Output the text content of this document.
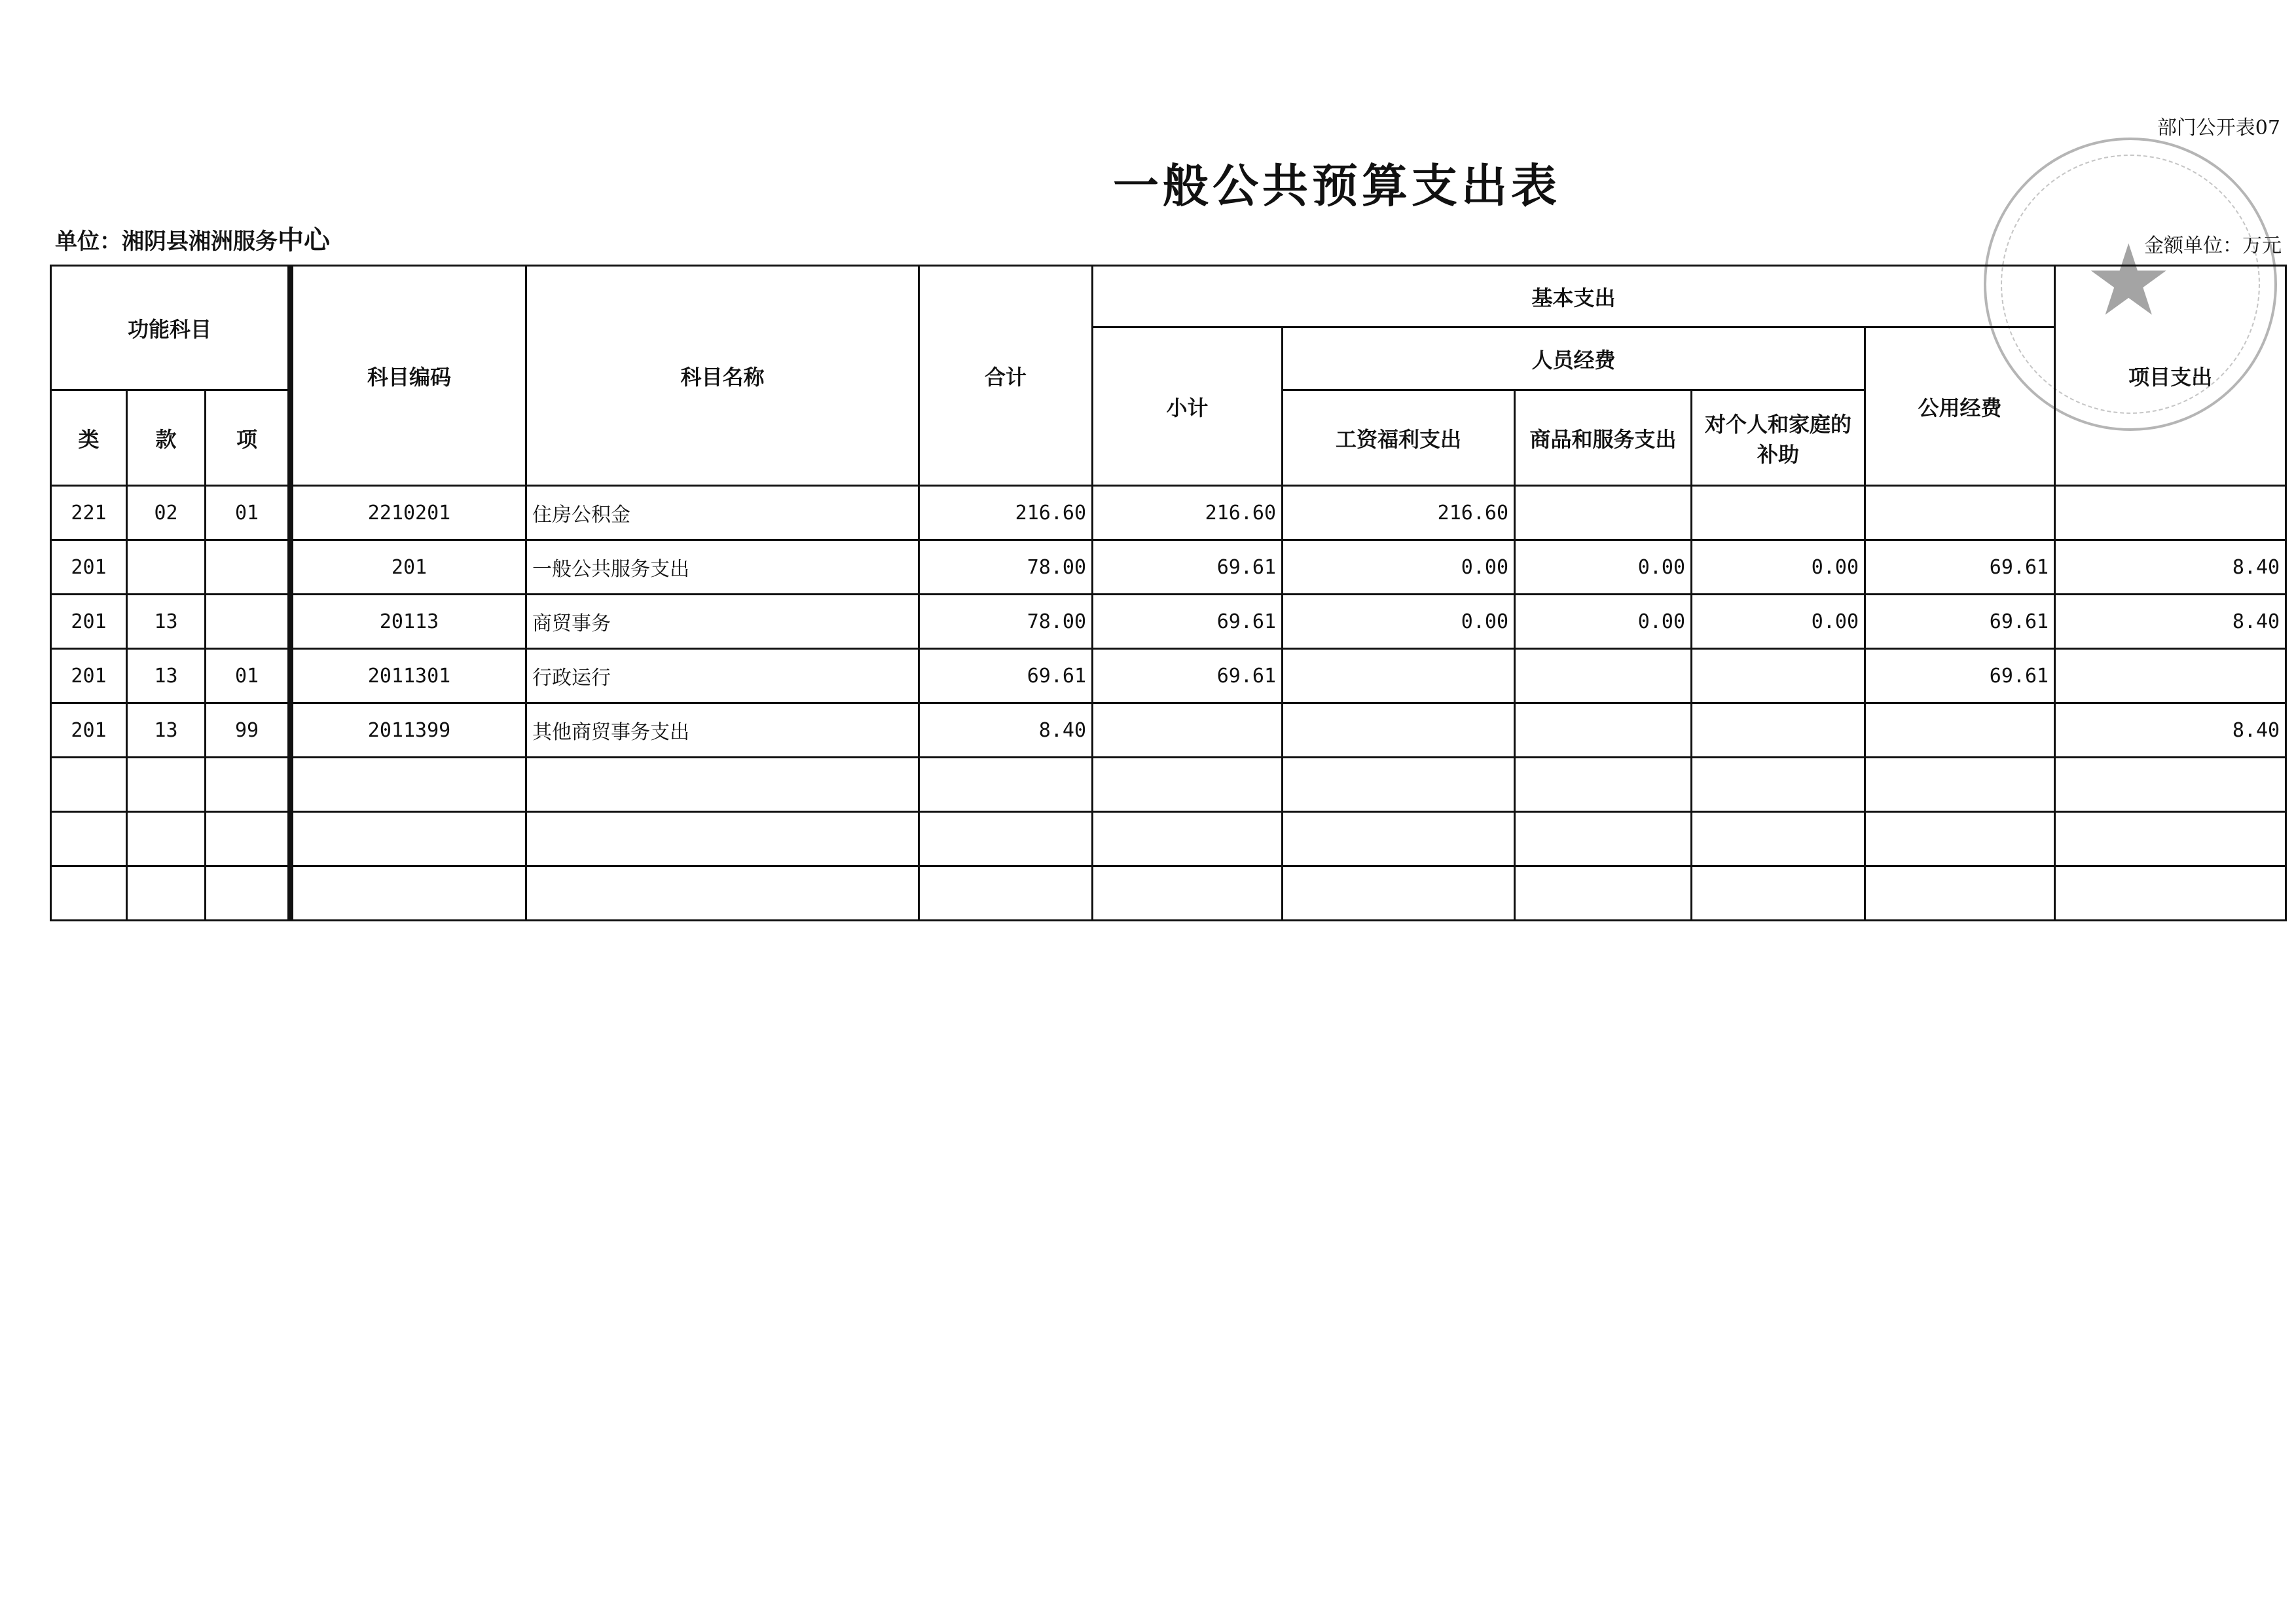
部门公开表07
一般公共预算支出表
单位：湘阴县湘洲服务中心	金额单位：万元
★
功能科目			科目编码	科目名称	合计	基本支出					项目支出
						小计	人员经费			公用经费	
类	款	项					工资福利支出	商品和服务支出	对个人和家庭的补助		
221	02	01	2210201	住房公积金	216.60	216.60	216.60				
201			201	一般公共服务支出	78.00	69.61	0.00	0.00	0.00	69.61	8.40
201	13		20113	商贸事务	78.00	69.61	0.00	0.00	0.00	69.61	8.40
201	13	01	2011301	行政运行	69.61	69.61				69.61	
201	13	99	2011399	其他商贸事务支出	8.40						8.40
